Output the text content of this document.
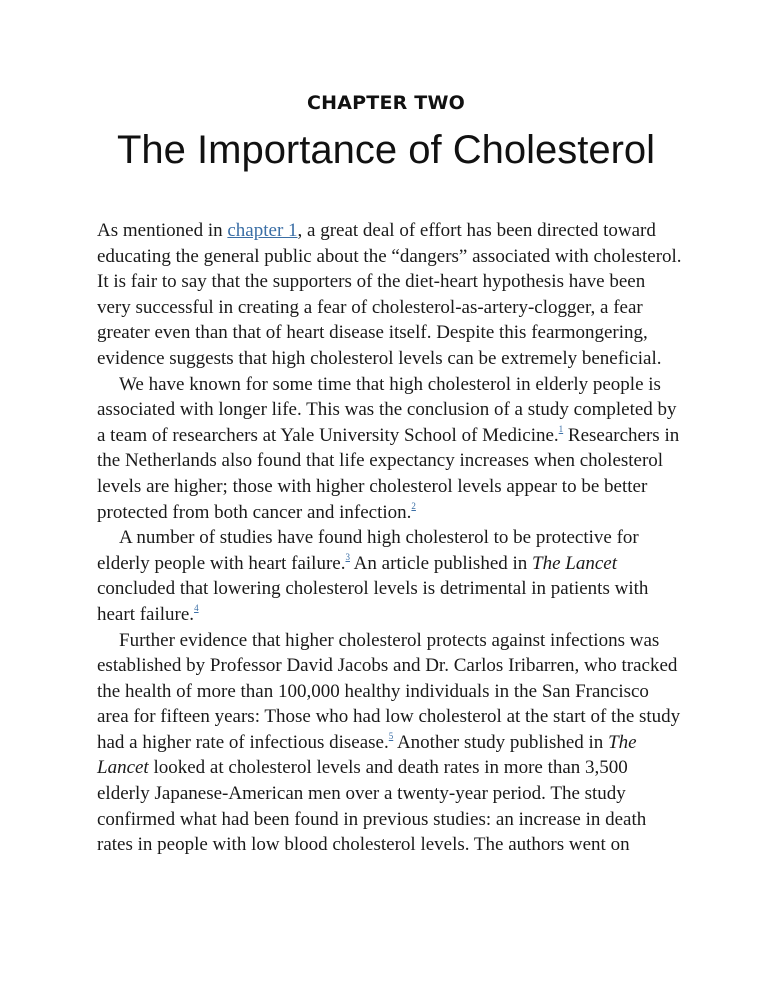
CHAPTER TWO
The Importance of Cholesterol

As mentioned in chapter 1, a great deal of effort has been directed toward educating the general public about the “dangers” associated with cholesterol. It is fair to say that the supporters of the diet-heart hypothesis have been very successful in creating a fear of cholesterol-as-artery-clogger, a fear greater even than that of heart disease itself. Despite this fearmongering, evidence suggests that high cholesterol levels can be extremely beneficial.

We have known for some time that high cholesterol in elderly people is associated with longer life. This was the conclusion of a study completed by a team of researchers at Yale University School of Medicine.$^1$ Researchers in the Netherlands also found that life expectancy increases when cholesterol levels are higher; those with higher cholesterol levels appear to be better protected from both cancer and infection.$^2$

A number of studies have found high cholesterol to be protective for elderly people with heart failure.$^3$ An article published in The Lancet concluded that lowering cholesterol levels is detrimental in patients with heart failure.$^4$

Further evidence that higher cholesterol protects against infections was established by Professor David Jacobs and Dr. Carlos Iribarren, who tracked the health of more than 100,000 healthy individuals in the San Francisco area for fifteen years: Those who had low cholesterol at the start of the study had a higher rate of infectious disease.$^5$ Another study published in The Lancet looked at cholesterol levels and death rates in more than 3,500 elderly Japanese-American men over a twenty-year period. The study confirmed what had been found in previous studies: an increase in death rates in people with low blood cholesterol levels. The authors went on
